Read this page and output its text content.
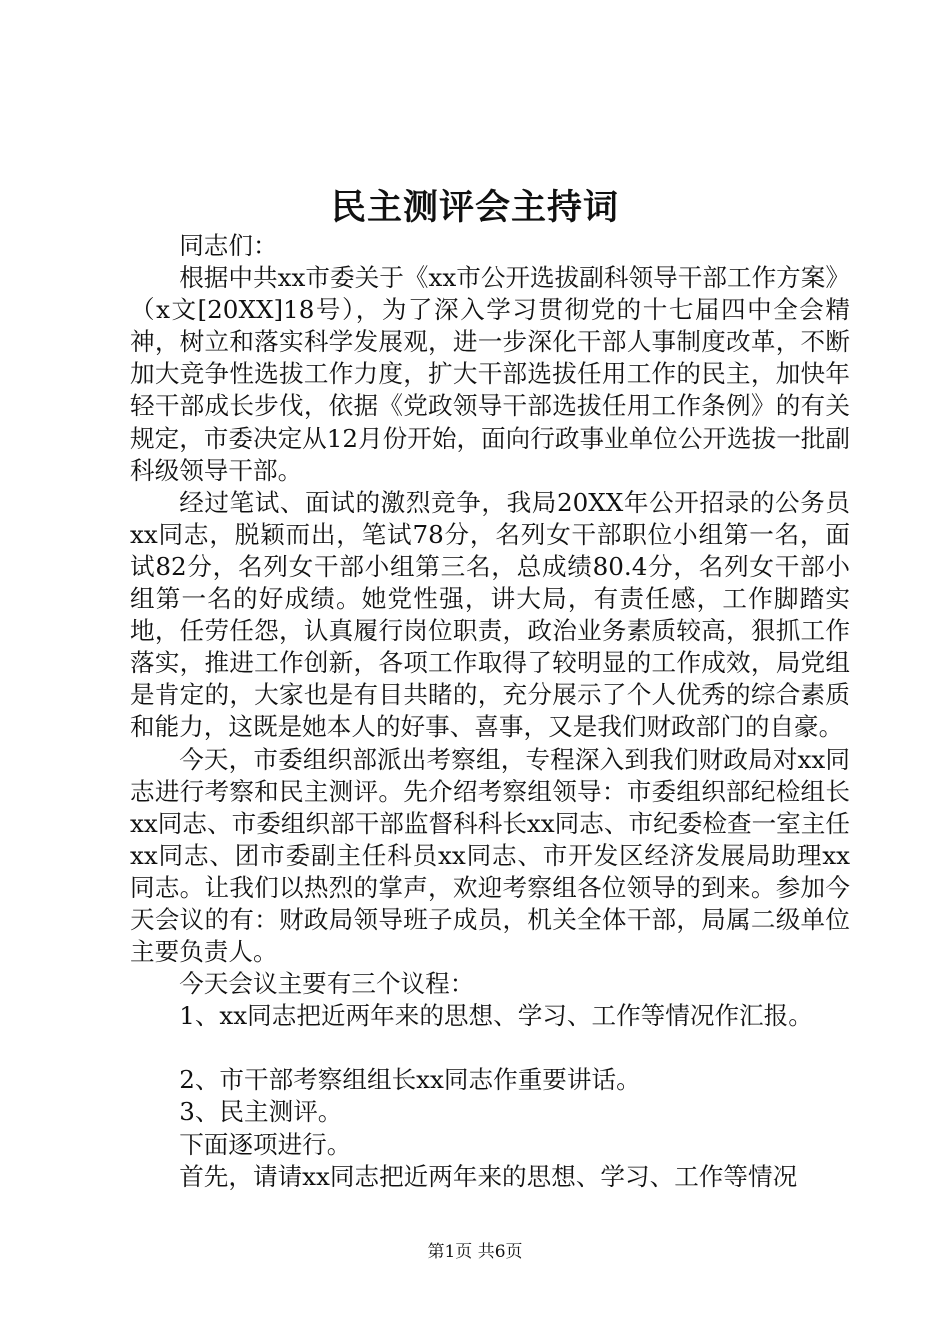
民主测评会主持词

同志们：

根据中共xx市委关于《xx市公开选拔副科领导干部工作方案》（x文[20XX]18号），为了深入学习贯彻党的十七届四中全会精神，树立和落实科学发展观，进一步深化干部人事制度改革，不断加大竞争性选拔工作力度，扩大干部选拔任用工作的民主，加快年轻干部成长步伐，依据《党政领导干部选拔任用工作条例》的有关规定，市委决定从12月份开始，面向行政事业单位公开选拔一批副科级领导干部。

经过笔试、面试的激烈竞争，我局20XX年公开招录的公务员xx同志，脱颖而出，笔试78分，名列女干部职位小组第一名，面试82分，名列女干部小组第三名，总成绩80.4分，名列女干部小组第一名的好成绩。她党性强，讲大局，有责任感，工作脚踏实地，任劳任怨，认真履行岗位职责，政治业务素质较高，狠抓工作落实，推进工作创新，各项工作取得了较明显的工作成效，局党组是肯定的，大家也是有目共睹的，充分展示了个人优秀的综合素质和能力，这既是她本人的好事、喜事，又是我们财政部门的自豪。

今天，市委组织部派出考察组，专程深入到我们财政局对xx同志进行考察和民主测评。先介绍考察组领导：市委组织部纪检组长xx同志、市委组织部干部监督科科长xx同志、市纪委检查一室主任xx同志、团市委副主任科员xx同志、市开发区经济发展局助理xx同志。让我们以热烈的掌声，欢迎考察组各位领导的到来。参加今天会议的有：财政局领导班子成员，机关全体干部，局属二级单位主要负责人。

今天会议主要有三个议程：

1、xx同志把近两年来的思想、学习、工作等情况作汇报。

2、市干部考察组组长xx同志作重要讲话。

3、民主测评。

下面逐项进行。

首先，请请xx同志把近两年来的思想、学习、工作等情况

第1页 共6页
